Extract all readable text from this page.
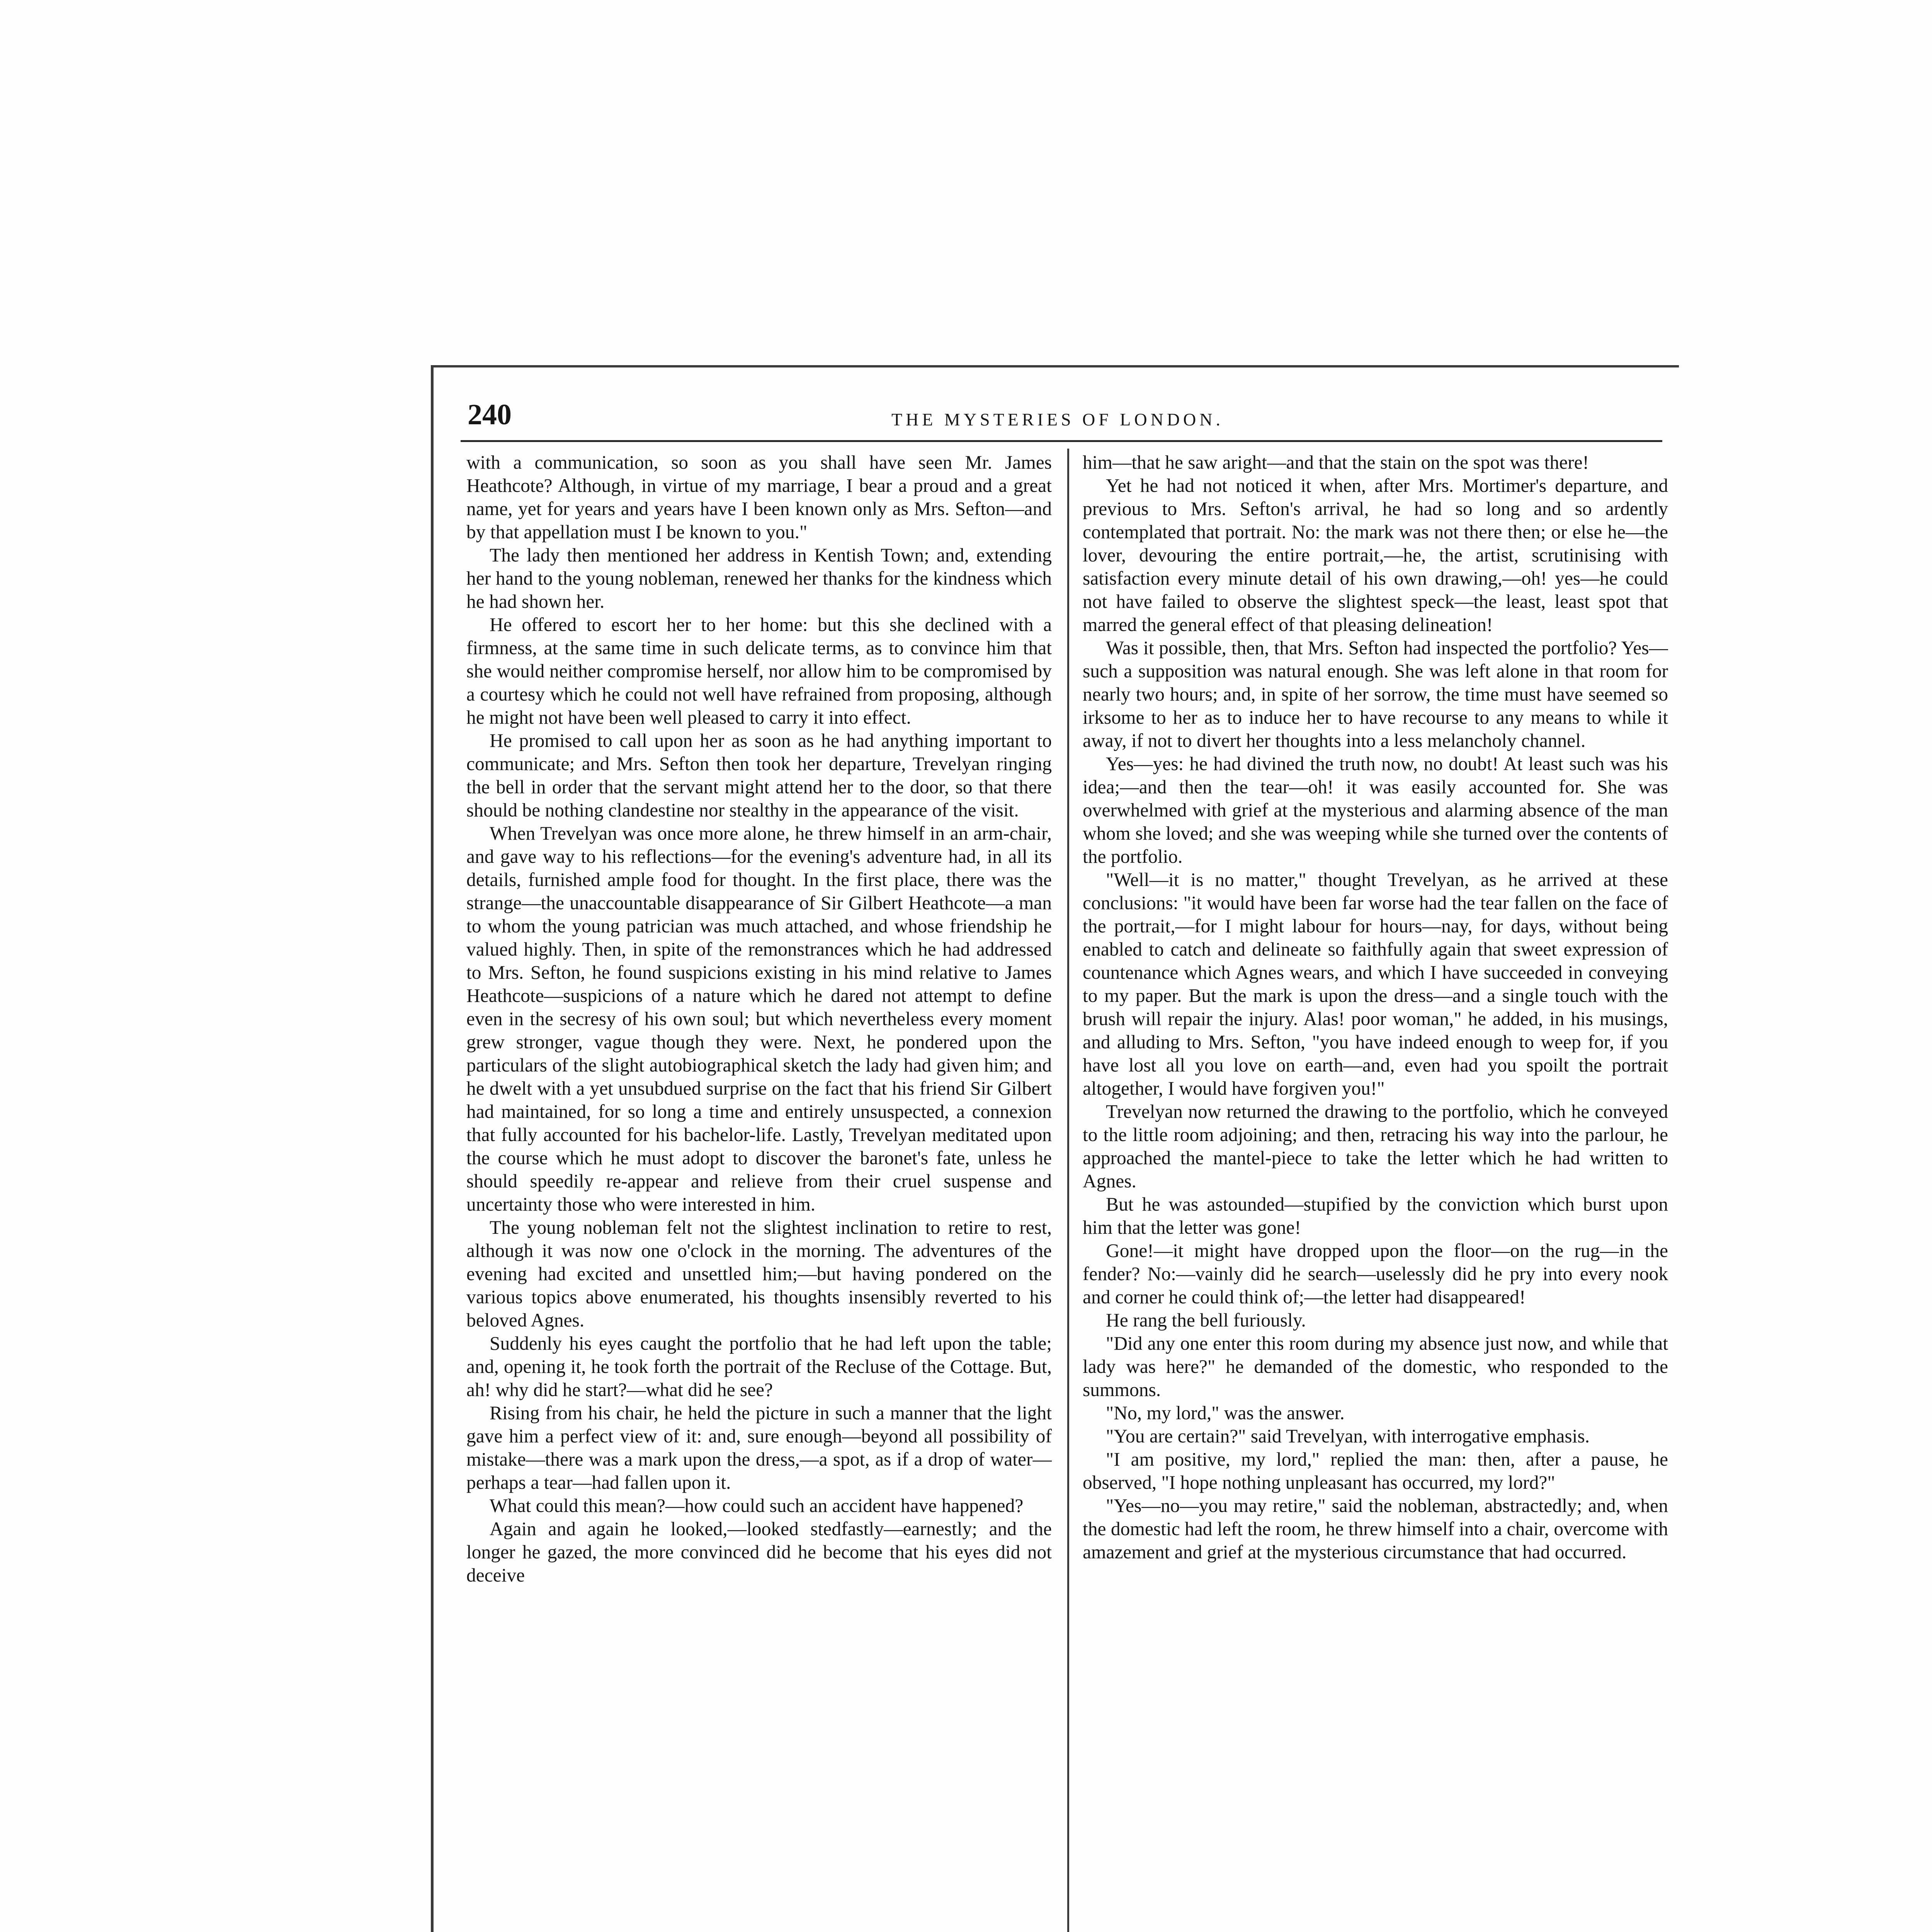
240	THE MYSTERIES OF LONDON.

with a communication, so soon as you shall have seen Mr. James Heathcote? Although, in virtue of my marriage, I bear a proud and a great name, yet for years and years have I been known only as Mrs. Sefton—and by that appellation must I be known to you."

The lady then mentioned her address in Kentish Town; and, extending her hand to the young nobleman, renewed her thanks for the kindness which he had shown her.

He offered to escort her to her home: but this she declined with a firmness, at the same time in such delicate terms, as to convince him that she would neither compromise herself, nor allow him to be compromised by a courtesy which he could not well have refrained from proposing, although he might not have been well pleased to carry it into effect.

He promised to call upon her as soon as he had anything important to communicate; and Mrs. Sefton then took her departure, Trevelyan ringing the bell in order that the servant might attend her to the door, so that there should be nothing clandestine nor stealthy in the appearance of the visit.

When Trevelyan was once more alone, he threw himself in an arm-chair, and gave way to his reflections—for the evening's adventure had, in all its details, furnished ample food for thought. In the first place, there was the strange—the unaccountable disappearance of Sir Gilbert Heathcote—a man to whom the young patrician was much attached, and whose friendship he valued highly. Then, in spite of the remonstrances which he had addressed to Mrs. Sefton, he found suspicions existing in his mind relative to James Heathcote—suspicions of a nature which he dared not attempt to define even in the secresy of his own soul; but which nevertheless every moment grew stronger, vague though they were. Next, he pondered upon the particulars of the slight autobiographical sketch the lady had given him; and he dwelt with a yet unsubdued surprise on the fact that his friend Sir Gilbert had maintained, for so long a time and entirely unsuspected, a connexion that fully accounted for his bachelor-life. Lastly, Trevelyan meditated upon the course which he must adopt to discover the baronet's fate, unless he should speedily re-appear and relieve from their cruel suspense and uncertainty those who were interested in him.

The young nobleman felt not the slightest inclination to retire to rest, although it was now one o'clock in the morning. The adventures of the evening had excited and unsettled him;—but having pondered on the various topics above enumerated, his thoughts insensibly reverted to his beloved Agnes.

Suddenly his eyes caught the portfolio that he had left upon the table; and, opening it, he took forth the portrait of the Recluse of the Cottage. But, ah! why did he start?—what did he see?

Rising from his chair, he held the picture in such a manner that the light gave him a perfect view of it: and, sure enough—beyond all possibility of mistake—there was a mark upon the dress,—a spot, as if a drop of water—perhaps a tear—had fallen upon it.

What could this mean?—how could such an accident have happened?

Again and again he looked,—looked stedfastly—earnestly; and the longer he gazed, the more convinced did he become that his eyes did not deceive

him—that he saw aright—and that the stain on the spot was there!

Yet he had not noticed it when, after Mrs. Mortimer's departure, and previous to Mrs. Sefton's arrival, he had so long and so ardently contemplated that portrait. No: the mark was not there then; or else he—the lover, devouring the entire portrait,—he, the artist, scrutinising with satisfaction every minute detail of his own drawing,—oh! yes—he could not have failed to observe the slightest speck—the least, least spot that marred the general effect of that pleasing delineation!

Was it possible, then, that Mrs. Sefton had inspected the portfolio? Yes—such a supposition was natural enough. She was left alone in that room for nearly two hours; and, in spite of her sorrow, the time must have seemed so irksome to her as to induce her to have recourse to any means to while it away, if not to divert her thoughts into a less melancholy channel.

Yes—yes: he had divined the truth now, no doubt! At least such was his idea;—and then the tear—oh! it was easily accounted for. She was overwhelmed with grief at the mysterious and alarming absence of the man whom she loved; and she was weeping while she turned over the contents of the portfolio.

"Well—it is no matter," thought Trevelyan, as he arrived at these conclusions: "it would have been far worse had the tear fallen on the face of the portrait,—for I might labour for hours—nay, for days, without being enabled to catch and delineate so faithfully again that sweet expression of countenance which Agnes wears, and which I have succeeded in conveying to my paper. But the mark is upon the dress—and a single touch with the brush will repair the injury. Alas! poor woman," he added, in his musings, and alluding to Mrs. Sefton, "you have indeed enough to weep for, if you have lost all you love on earth—and, even had you spoilt the portrait altogether, I would have forgiven you!"

Trevelyan now returned the drawing to the portfolio, which he conveyed to the little room adjoining; and then, retracing his way into the parlour, he approached the mantel-piece to take the letter which he had written to Agnes.

But he was astounded—stupified by the conviction which burst upon him that the letter was gone!

Gone!—it might have dropped upon the floor—on the rug—in the fender? No:—vainly did he search—uselessly did he pry into every nook and corner he could think of;—the letter had disappeared!

He rang the bell furiously.

"Did any one enter this room during my absence just now, and while that lady was here?" he demanded of the domestic, who responded to the summons.

"No, my lord," was the answer.

"You are certain?" said Trevelyan, with interrogative emphasis.

"I am positive, my lord," replied the man: then, after a pause, he observed, "I hope nothing unpleasant has occurred, my lord?"

"Yes—no—you may retire," said the nobleman, abstractedly; and, when the domestic had left the room, he threw himself into a chair, overcome with amazement and grief at the mysterious circumstance that had occurred.
